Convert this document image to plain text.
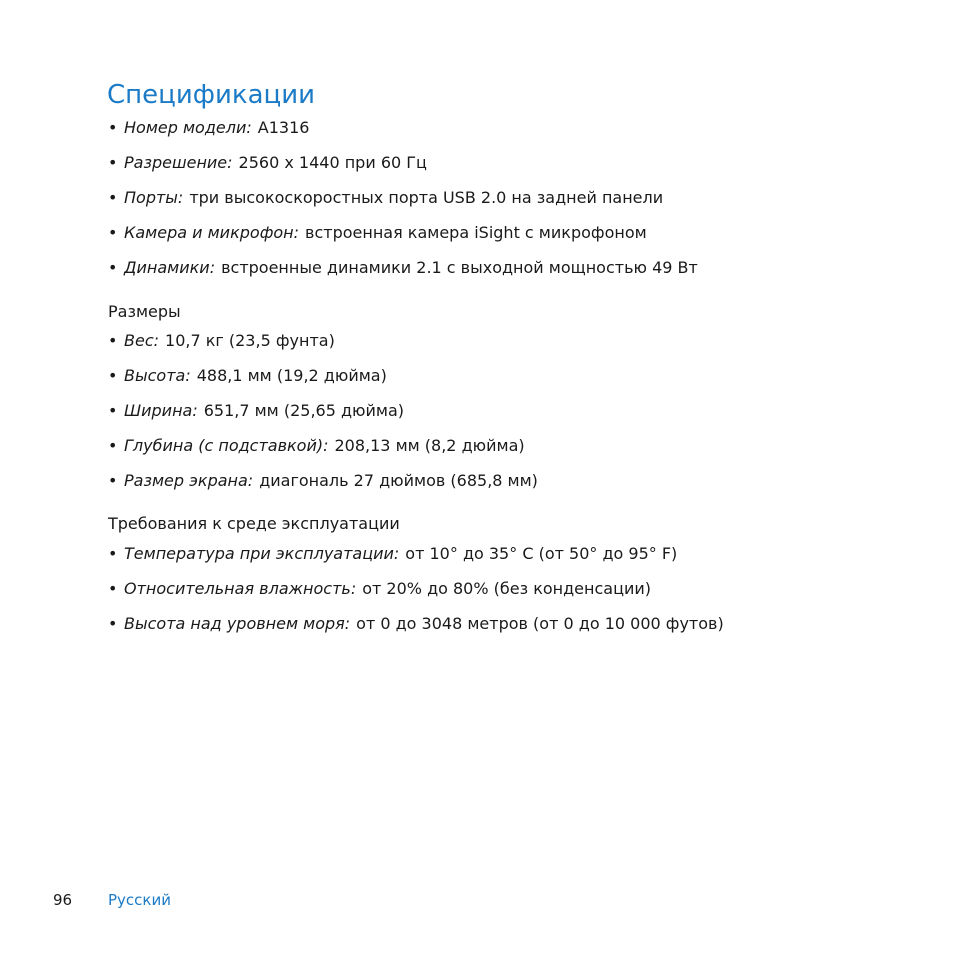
Спецификации
• Номер модели: A1316
• Разрешение: 2560 x 1440 при 60 Гц
• Порты: три высокоскоростных порта USB 2.0 на задней панели
• Камера и микрофон: встроенная камера iSight с микрофоном
• Динамики: встроенные динамики 2.1 с выходной мощностью 49 Вт
Размеры
• Вес: 10,7 кг (23,5 фунта)
• Высота: 488,1 мм (19,2 дюйма)
• Ширина: 651,7 мм (25,65 дюйма)
• Глубина (с подставкой): 208,13 мм (8,2 дюйма)
• Размер экрана: диагональ 27 дюймов (685,8 мм)
Требования к среде эксплуатации
• Температура при эксплуатации: от 10° до 35° C (от 50° до 95° F)
• Относительная влажность: от 20% до 80% (без конденсации)
• Высота над уровнем моря: от 0 до 3048 метров (от 0 до 10 000 футов)
96 Русский
